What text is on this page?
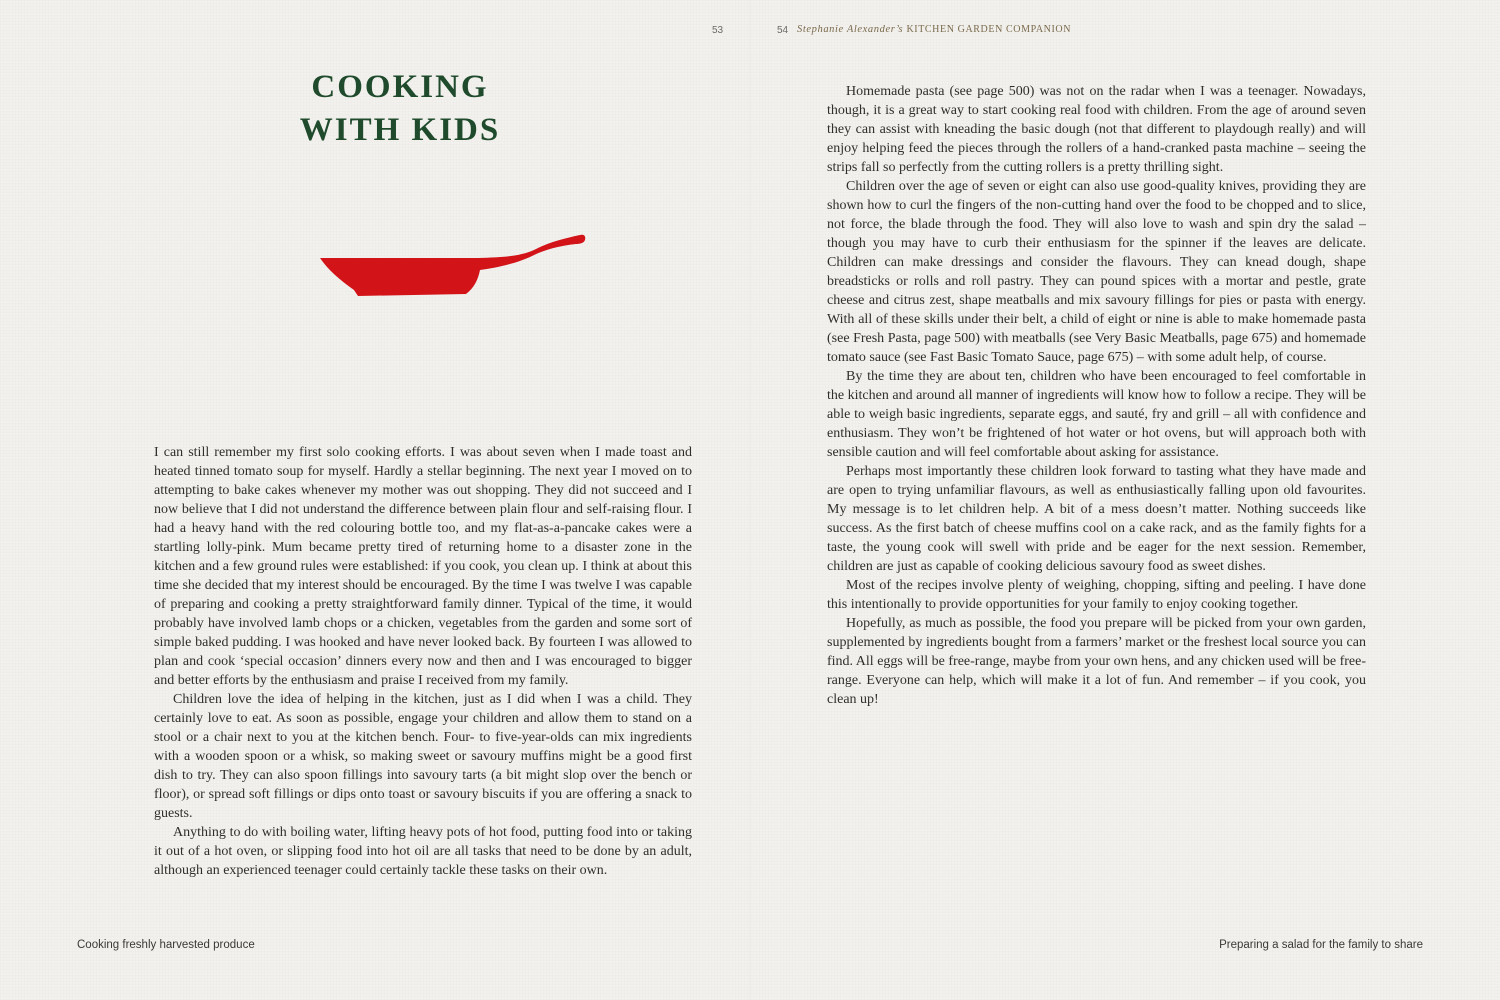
53
COOKING
WITH KIDS

I can still remember my first solo cooking efforts. I was about seven when I made toast and heated tinned tomato soup for myself. Hardly a stellar beginning. The next year I moved on to attempting to bake cakes whenever my mother was out shopping. They did not succeed and I now believe that I did not understand the difference between plain flour and self-raising flour. I had a heavy hand with the red colouring bottle too, and my flat-as-a-pancake cakes were a startling lolly-pink. Mum became pretty tired of returning home to a disaster zone in the kitchen and a few ground rules were established: if you cook, you clean up. I think at about this time she decided that my interest should be encouraged. By the time I was twelve I was capable of preparing and cooking a pretty straightforward family dinner. Typical of the time, it would probably have involved lamb chops or a chicken, vegetables from the garden and some sort of simple baked pudding. I was hooked and have never looked back. By fourteen I was allowed to plan and cook ‘special occasion’ dinners every now and then and I was encouraged to bigger and better efforts by the enthusiasm and praise I received from my family.

Children love the idea of helping in the kitchen, just as I did when I was a child. They certainly love to eat. As soon as possible, engage your children and allow them to stand on a stool or a chair next to you at the kitchen bench. Four- to five-year-olds can mix ingredients with a wooden spoon or a whisk, so making sweet or savoury muffins might be a good first dish to try. They can also spoon fillings into savoury tarts (a bit might slop over the bench or floor), or spread soft fillings or dips onto toast or savoury biscuits if you are offering a snack to guests.

Anything to do with boiling water, lifting heavy pots of hot food, putting food into or taking it out of a hot oven, or slipping food into hot oil are all tasks that need to be done by an adult, although an experienced teenager could certainly tackle these tasks on their own.

Cooking freshly harvested produce
54 Stephanie Alexander’s KITCHEN GARDEN COMPANION

Homemade pasta (see page 500) was not on the radar when I was a teenager. Nowadays, though, it is a great way to start cooking real food with children. From the age of around seven they can assist with kneading the basic dough (not that different to playdough really) and will enjoy helping feed the pieces through the rollers of a hand-cranked pasta machine – seeing the strips fall so perfectly from the cutting rollers is a pretty thrilling sight.

Children over the age of seven or eight can also use good-quality knives, providing they are shown how to curl the fingers of the non-cutting hand over the food to be chopped and to slice, not force, the blade through the food. They will also love to wash and spin dry the salad – though you may have to curb their enthusiasm for the spinner if the leaves are delicate. Children can make dressings and consider the flavours. They can knead dough, shape breadsticks or rolls and roll pastry. They can pound spices with a mortar and pestle, grate cheese and citrus zest, shape meatballs and mix savoury fillings for pies or pasta with energy. With all of these skills under their belt, a child of eight or nine is able to make homemade pasta (see Fresh Pasta, page 500) with meatballs (see Very Basic Meatballs, page 675) and homemade tomato sauce (see Fast Basic Tomato Sauce, page 675) – with some adult help, of course.

By the time they are about ten, children who have been encouraged to feel comfortable in the kitchen and around all manner of ingredients will know how to follow a recipe. They will be able to weigh basic ingredients, separate eggs, and sauté, fry and grill – all with confidence and enthusiasm. They won’t be frightened of hot water or hot ovens, but will approach both with sensible caution and will feel comfortable about asking for assistance.

Perhaps most importantly these children look forward to tasting what they have made and are open to trying unfamiliar flavours, as well as enthusiastically falling upon old favourites. My message is to let children help. A bit of a mess doesn’t matter. Nothing succeeds like success. As the first batch of cheese muffins cool on a cake rack, and as the family fights for a taste, the young cook will swell with pride and be eager for the next session. Remember, children are just as capable of cooking delicious savoury food as sweet dishes.

Most of the recipes involve plenty of weighing, chopping, sifting and peeling. I have done this intentionally to provide opportunities for your family to enjoy cooking together.

Hopefully, as much as possible, the food you prepare will be picked from your own garden, supplemented by ingredients bought from a farmers’ market or the freshest local source you can find. All eggs will be free-range, maybe from your own hens, and any chicken used will be free-range. Everyone can help, which will make it a lot of fun. And remember – if you cook, you clean up!

Preparing a salad for the family to share
